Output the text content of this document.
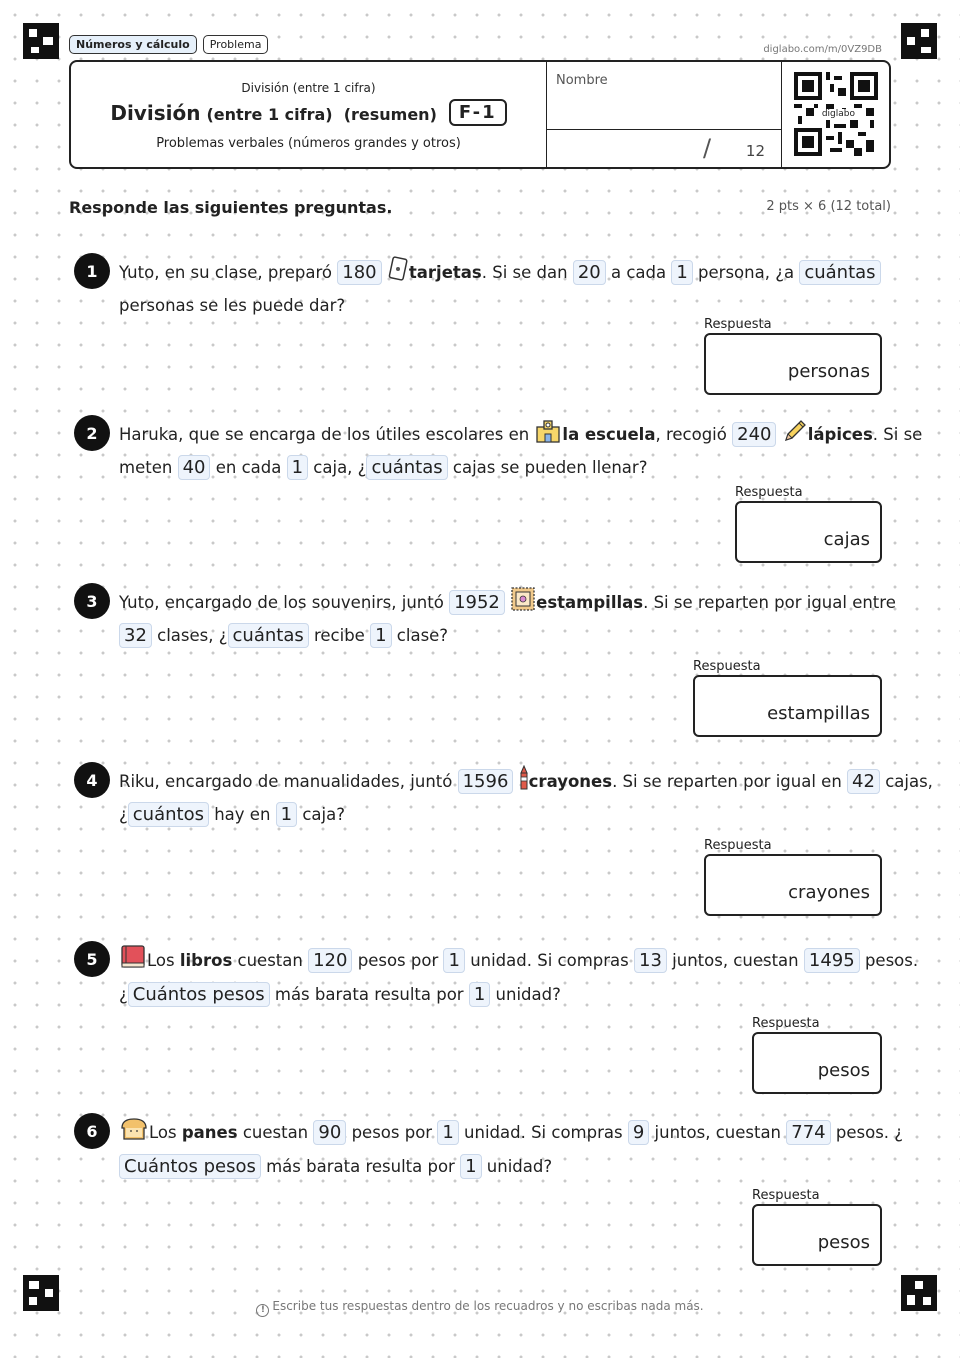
Números y cálculo	Problema	diglabo.com/m/0VZ9DB
División (entre 1 cifra)
División (entre 1 cifra) (resumen)	F-1
Problemas verbales (números grandes y otros)
Nombre
/ 12
diglabo
Responde las siguientes preguntas.	2 pts × 6 (12 total)
1	Yuto, en su clase, preparó 180 tarjetas. Si se dan 20 a cada 1 persona, ¿a cuántas
personas se les puede dar?
Respuesta
personas
2	Haruka, que se encarga de los útiles escolares en la escuela, recogió 240 lápices. Si se
meten 40 en cada 1 caja, ¿ cuántas cajas se pueden llenar?
Respuesta
cajas
3	Yuto, encargado de los souvenirs, juntó 1952 estampillas. Si se reparten por igual entre
32 clases, ¿ cuántas recibe 1 clase?
Respuesta
estampillas
4	Riku, encargado de manualidades, juntó 1596 crayones. Si se reparten por igual en 42 cajas,
¿ cuántos hay en 1 caja?
Respuesta
crayones
5	Los libros cuestan 120 pesos por 1 unidad. Si compras 13 juntos, cuestan 1495 pesos.
¿ Cuántos pesos más barata resulta por 1 unidad?
Respuesta
pesos
6	Los panes cuestan 90 pesos por 1 unidad. Si compras 9 juntos, cuestan 774 pesos. ¿
Cuántos pesos más barata resulta por 1 unidad?
Respuesta
pesos
! Escribe tus respuestas dentro de los recuadros y no escribas nada más.
